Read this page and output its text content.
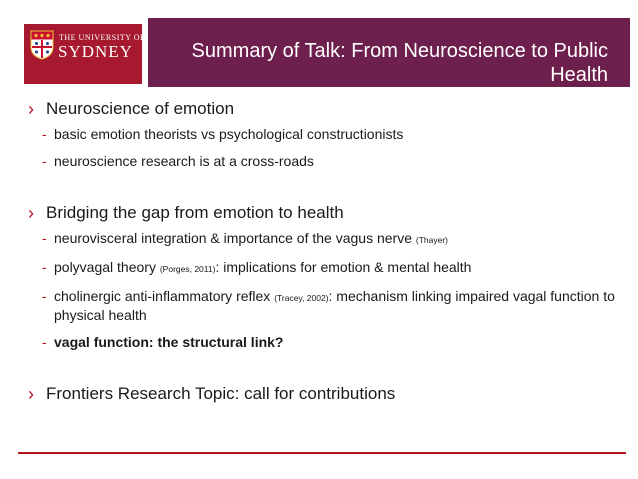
THE UNIVERSITY OF
SYDNEY	Summary of Talk: From Neuroscience to Public Health
› Neuroscience of emotion
- basic emotion theorists vs psychological constructionists
- neuroscience research is at a cross-roads
› Bridging the gap from emotion to health
- neurovisceral integration & importance of the vagus nerve (Thayer)
- polyvagal theory (Porges, 2011): implications for emotion & mental health
- cholinergic anti-inflammatory reflex (Tracey, 2002): mechanism linking impaired vagal function to physical health
- vagal function: the structural link?
› Frontiers Research Topic: call for contributions
